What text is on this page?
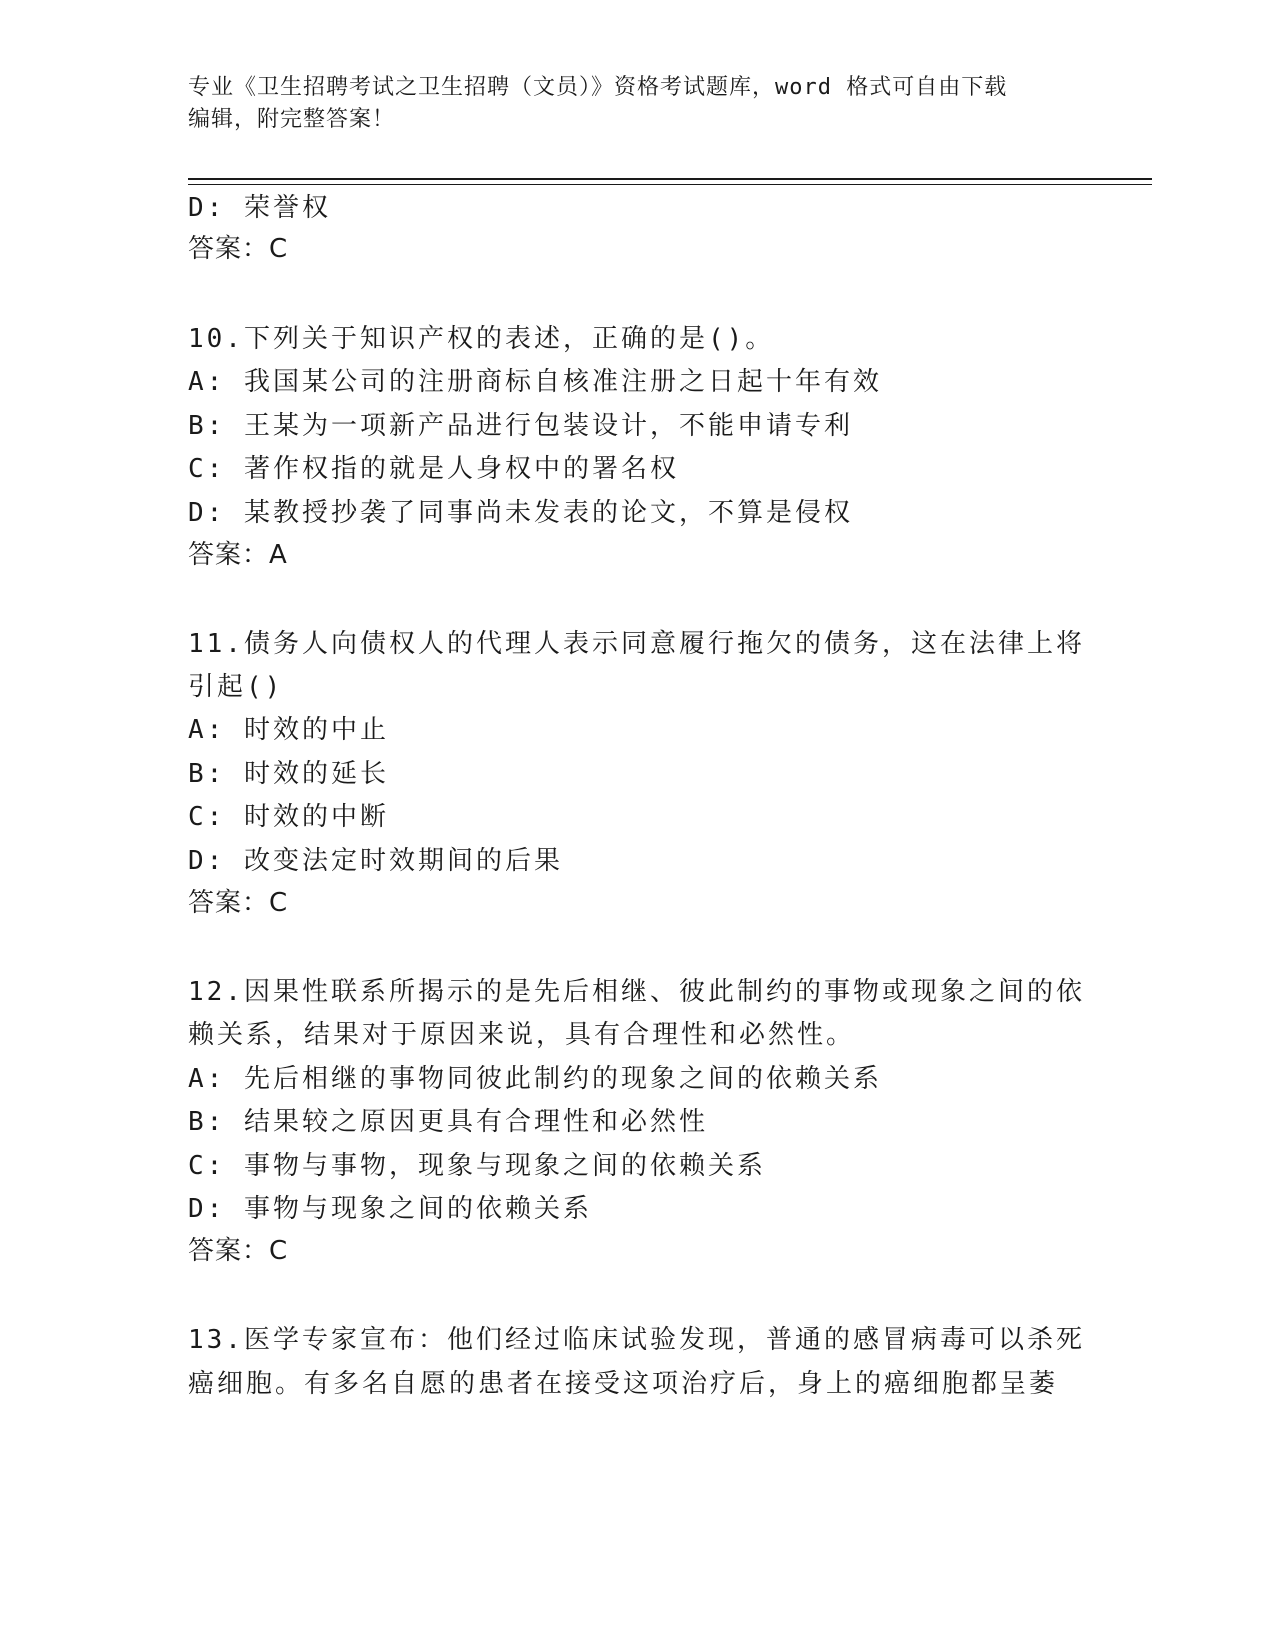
专业《卫生招聘考试之卫生招聘（文员）》资格考试题库，word 格式可自由下载
编辑，附完整答案！
D: 荣誉权
答案：C
10.下列关于知识产权的表述，正确的是()。
A: 我国某公司的注册商标自核准注册之日起十年有效
B: 王某为一项新产品进行包装设计，不能申请专利
C: 著作权指的就是人身权中的署名权
D: 某教授抄袭了同事尚未发表的论文，不算是侵权
答案：A
11.债务人向债权人的代理人表示同意履行拖欠的债务，这在法律上将
引起()
A: 时效的中止
B: 时效的延长
C: 时效的中断
D: 改变法定时效期间的后果
答案：C
12.因果性联系所揭示的是先后相继、彼此制约的事物或现象之间的依
赖关系，结果对于原因来说，具有合理性和必然性。
A: 先后相继的事物同彼此制约的现象之间的依赖关系
B: 结果较之原因更具有合理性和必然性
C: 事物与事物，现象与现象之间的依赖关系
D: 事物与现象之间的依赖关系
答案：C
13.医学专家宣布：他们经过临床试验发现，普通的感冒病毒可以杀死
癌细胞。有多名自愿的患者在接受这项治疗后，身上的癌细胞都呈萎
